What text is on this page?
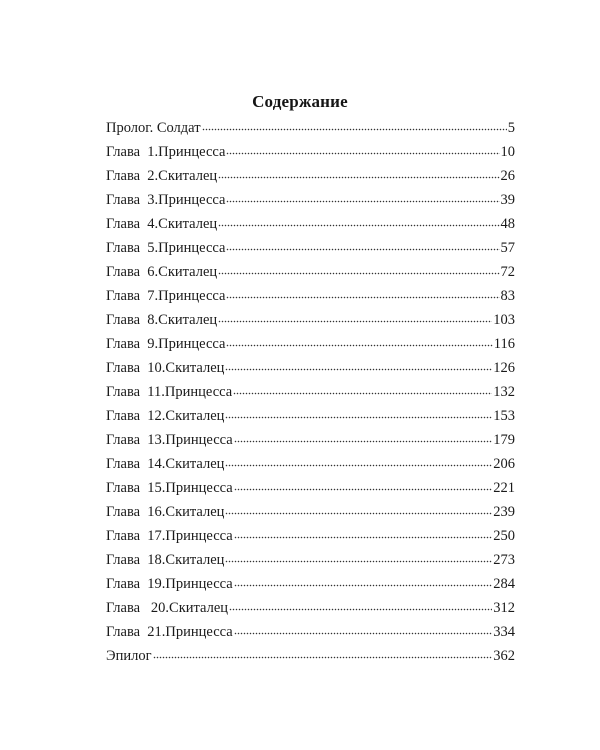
Содержание
Пролог. Солдат	5
Глава  1.Принцесса	10
Глава  2.Скиталец	26
Глава  3.Принцесса	39
Глава  4.Скиталец	48
Глава  5.Принцесса	57
Глава  6.Скиталец	72
Глава  7.Принцесса	83
Глава  8.Скиталец	103
Глава  9.Принцесса	116
Глава  10.Скиталец	126
Глава  11.Принцесса	132
Глава  12.Скиталец	153
Глава  13.Принцесса	179
Глава  14.Скиталец	206
Глава  15.Принцесса	221
Глава  16.Скиталец	239
Глава  17.Принцесса	250
Глава  18.Скиталец	273
Глава  19.Принцесса	284
Глава   20.Скиталец	312
Глава  21.Принцесса	334
Эпилог	362
